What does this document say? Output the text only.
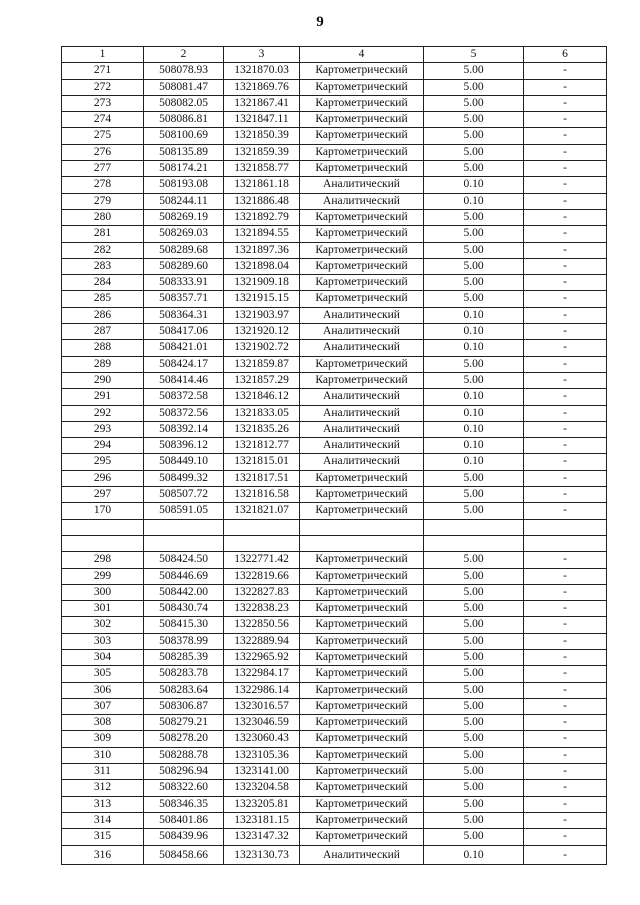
9
1	2	3	4	5	6
271	508078.93	1321870.03	Картометрический	5.00	-
272	508081.47	1321869.76	Картометрический	5.00	-
273	508082.05	1321867.41	Картометрический	5.00	-
274	508086.81	1321847.11	Картометрический	5.00	-
275	508100.69	1321850.39	Картометрический	5.00	-
276	508135.89	1321859.39	Картометрический	5.00	-
277	508174.21	1321858.77	Картометрический	5.00	-
278	508193.08	1321861.18	Аналитический	0.10	-
279	508244.11	1321886.48	Аналитический	0.10	-
280	508269.19	1321892.79	Картометрический	5.00	-
281	508269.03	1321894.55	Картометрический	5.00	-
282	508289.68	1321897.36	Картометрический	5.00	-
283	508289.60	1321898.04	Картометрический	5.00	-
284	508333.91	1321909.18	Картометрический	5.00	-
285	508357.71	1321915.15	Картометрический	5.00	-
286	508364.31	1321903.97	Аналитический	0.10	-
287	508417.06	1321920.12	Аналитический	0.10	-
288	508421.01	1321902.72	Аналитический	0.10	-
289	508424.17	1321859.87	Картометрический	5.00	-
290	508414.46	1321857.29	Картометрический	5.00	-
291	508372.58	1321846.12	Аналитический	0.10	-
292	508372.56	1321833.05	Аналитический	0.10	-
293	508392.14	1321835.26	Аналитический	0.10	-
294	508396.12	1321812.77	Аналитический	0.10	-
295	508449.10	1321815.01	Аналитический	0.10	-
296	508499.32	1321817.51	Картометрический	5.00	-
297	508507.72	1321816.58	Картометрический	5.00	-
170	508591.05	1321821.07	Картометрический	5.00	-

298	508424.50	1322771.42	Картометрический	5.00	-
299	508446.69	1322819.66	Картометрический	5.00	-
300	508442.00	1322827.83	Картометрический	5.00	-
301	508430.74	1322838.23	Картометрический	5.00	-
302	508415.30	1322850.56	Картометрический	5.00	-
303	508378.99	1322889.94	Картометрический	5.00	-
304	508285.39	1322965.92	Картометрический	5.00	-
305	508283.78	1322984.17	Картометрический	5.00	-
306	508283.64	1322986.14	Картометрический	5.00	-
307	508306.87	1323016.57	Картометрический	5.00	-
308	508279.21	1323046.59	Картометрический	5.00	-
309	508278.20	1323060.43	Картометрический	5.00	-
310	508288.78	1323105.36	Картометрический	5.00	-
311	508296.94	1323141.00	Картометрический	5.00	-
312	508322.60	1323204.58	Картометрический	5.00	-
313	508346.35	1323205.81	Картометрический	5.00	-
314	508401.86	1323181.15	Картометрический	5.00	-
315	508439.96	1323147.32	Картометрический	5.00	-
316	508458.66	1323130.73	Аналитический	0.10	-
